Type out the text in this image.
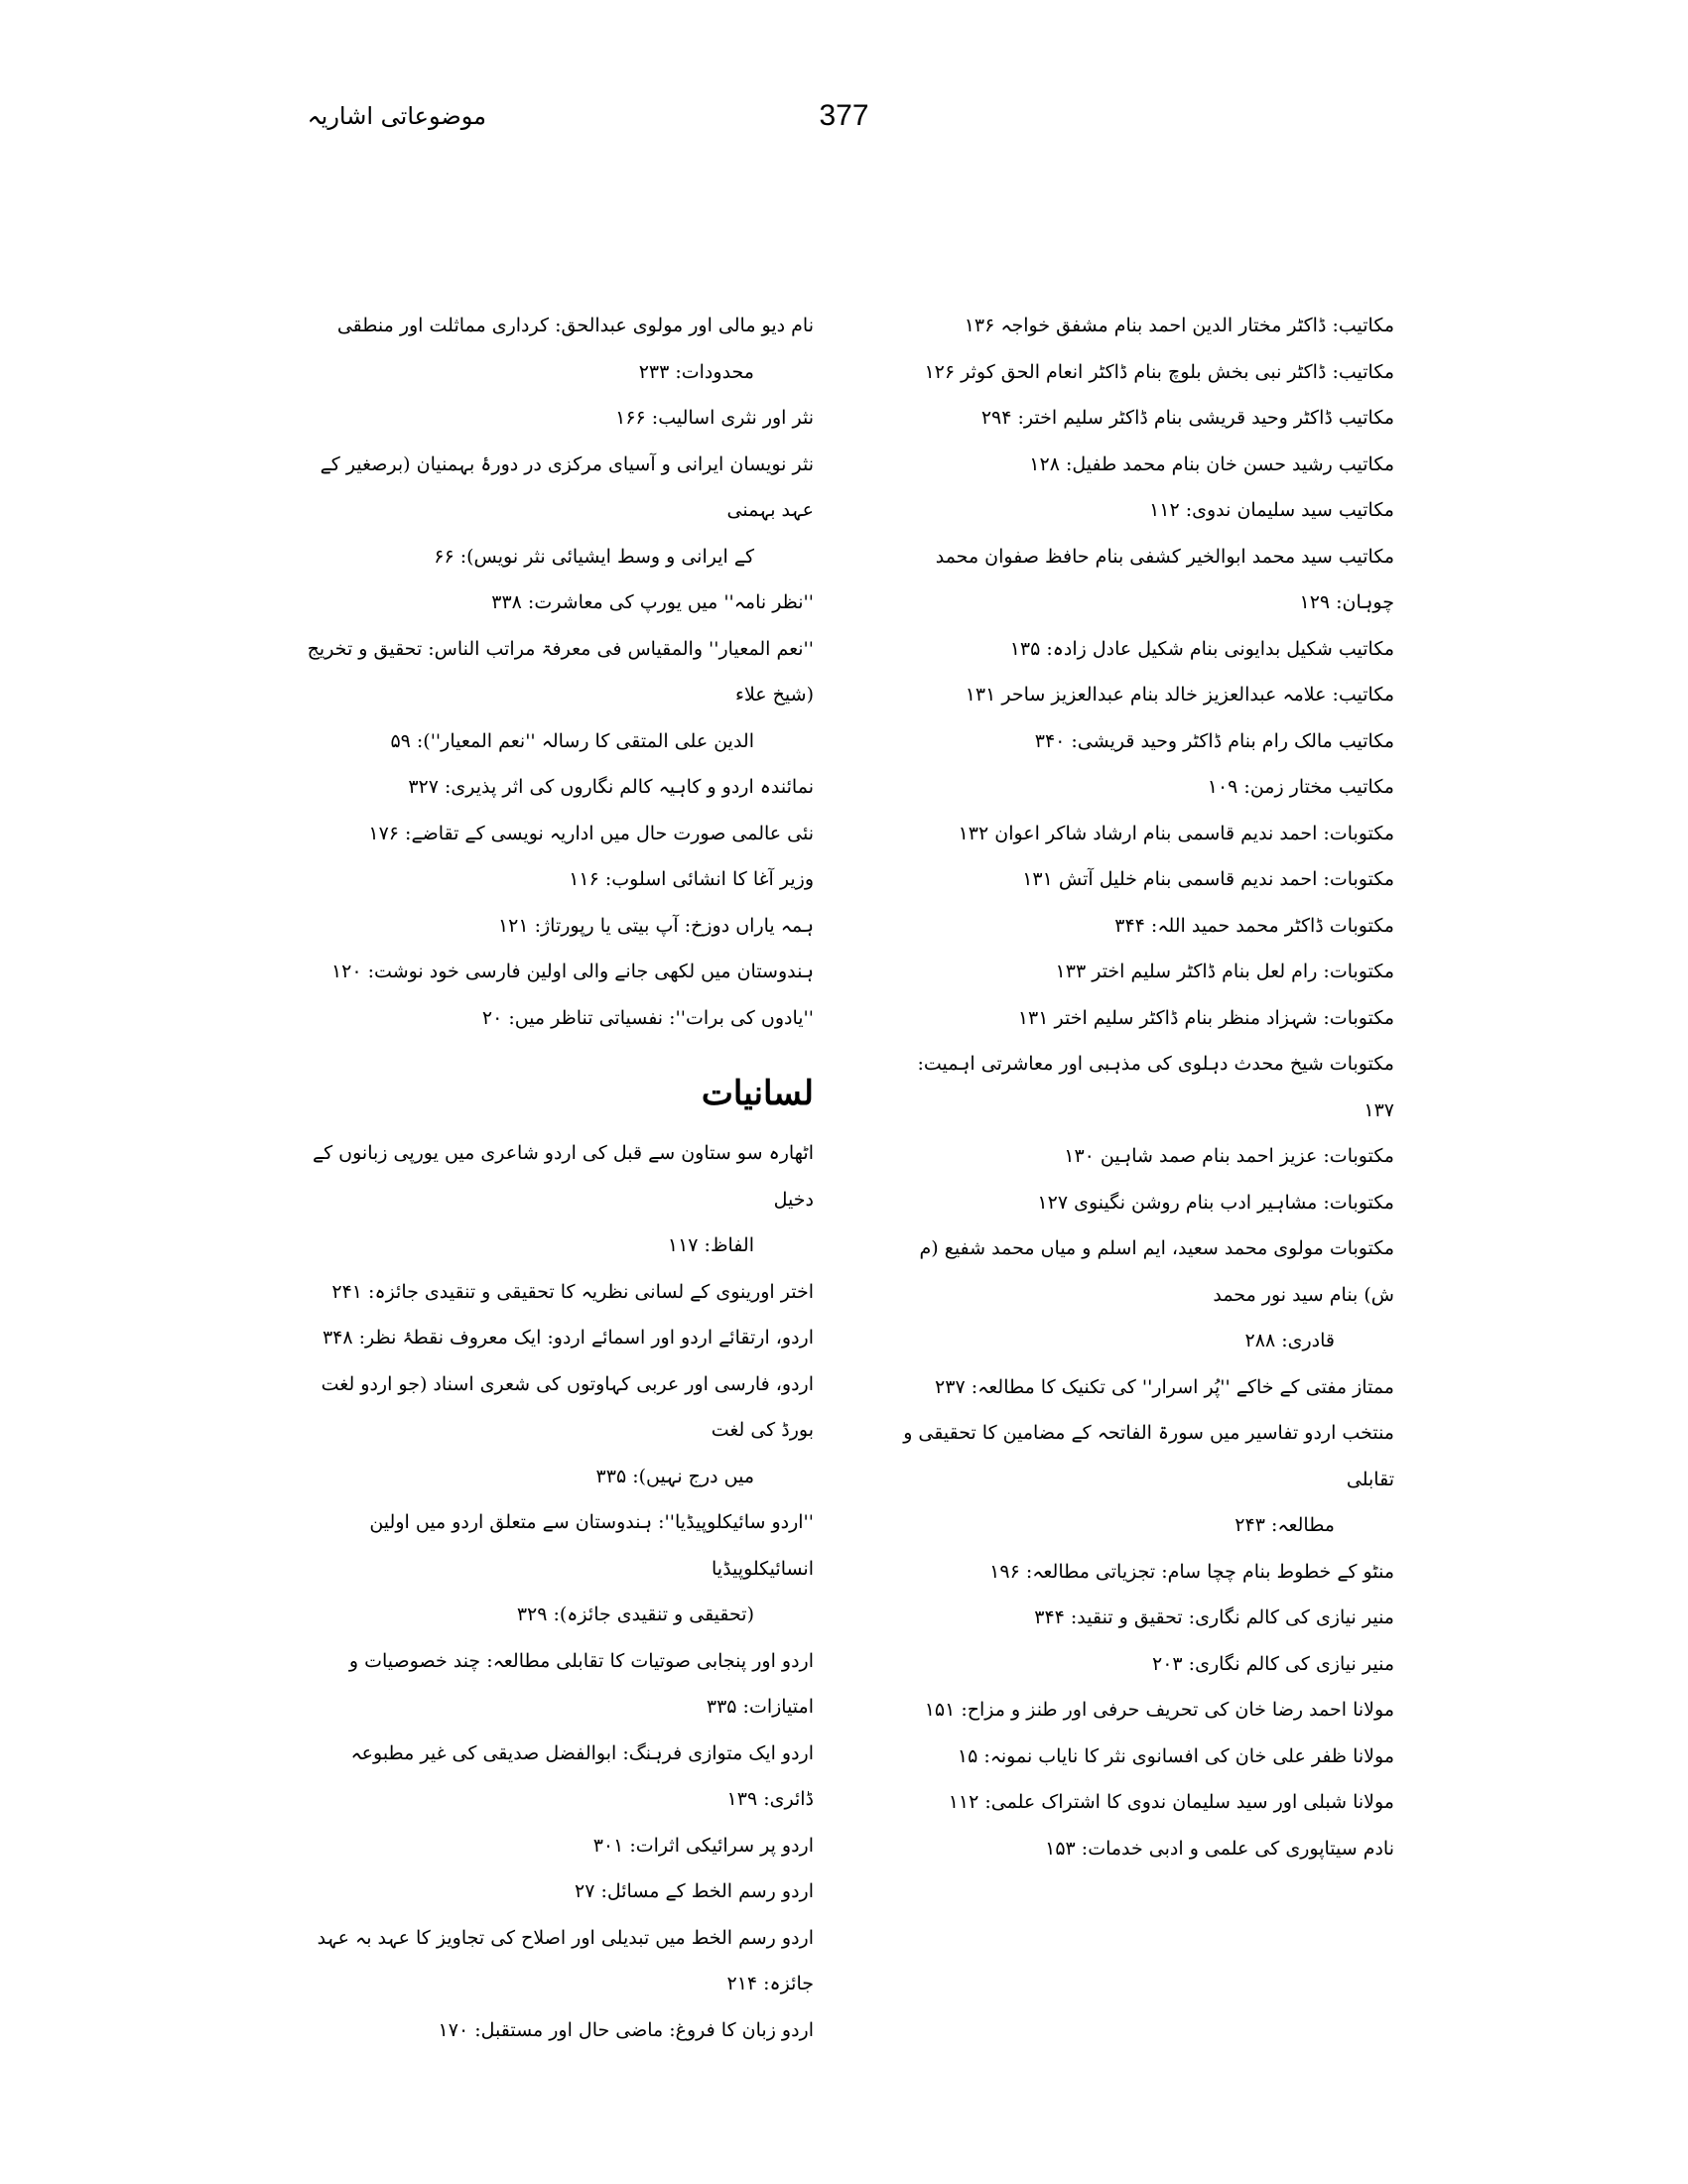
377
موضوعاتی اشاریہ
مکاتیب: ڈاکٹر مختار الدین احمد بنام مشفق خواجہ ۱۳۶
مکاتیب: ڈاکٹر نبی بخش بلوچ بنام ڈاکٹر انعام الحق کوثر ۱۲۶
مکاتیب ڈاکٹر وحید قریشی بنام ڈاکٹر سلیم اختر: ۲۹۴
مکاتیب رشید حسن خان بنام محمد طفیل: ۱۲۸
مکاتیب سید سلیمان ندوی: ۱۱۲
مکاتیب سید محمد ابوالخیر کشفی بنام حافظ صفوان محمد چوہان: ۱۲۹
مکاتیب شکیل بدایونی بنام شکیل عادل زادہ: ۱۳۵
مکاتیب: علامہ عبدالعزیز خالد بنام عبدالعزیز ساحر ۱۳۱
مکاتیب مالک رام بنام ڈاکٹر وحید قریشی: ۳۴۰
مکاتیب مختار زمن: ۱۰۹
مکتوبات: احمد ندیم قاسمی بنام ارشاد شاکر اعوان ۱۳۲
مکتوبات: احمد ندیم قاسمی بنام خلیل آتش ۱۳۱
مکتوبات ڈاکٹر محمد حمید اللہ: ۳۴۴
مکتوبات: رام لعل بنام ڈاکٹر سلیم اختر ۱۳۳
مکتوبات: شہزاد منظر بنام ڈاکٹر سلیم اختر ۱۳۱
مکتوبات شیخ محدث دہلوی کی مذہبی اور معاشرتی اہمیت: ۱۳۷
مکتوبات: عزیز احمد بنام صمد شاہین ۱۳۰
مکتوبات: مشاہیر ادب بنام روشن نگینوی ۱۲۷
مکتوبات مولوی محمد سعید، ایم اسلم و میاں محمد شفیع (م ش) بنام سید نور محمد
قادری: ۲۸۸
ممتاز مفتی کے خاکے ''پُر اسرار'' کی تکنیک کا مطالعہ: ۲۳۷
منتخب اردو تفاسیر میں سورۃ الفاتحہ کے مضامین کا تحقیقی و تقابلی
مطالعہ: ۲۴۳
منٹو کے خطوط بنام چچا سام: تجزیاتی مطالعہ: ۱۹۶
منیر نیازی کی کالم نگاری: تحقیق و تنقید: ۳۴۴
منیر نیازی کی کالم نگاری: ۲۰۳
مولانا احمد رضا خان کی تحریف حرفی اور طنز و مزاح: ۱۵۱
مولانا ظفر علی خان کی افسانوی نثر کا نایاب نمونہ: ۱۵
مولانا شبلی اور سید سلیمان ندوی کا اشتراک علمی: ۱۱۲
نادم سیتاپوری کی علمی و ادبی خدمات: ۱۵۳
نام دیو مالی اور مولوی عبدالحق: کرداری مماثلت اور منطقی
محدودات: ۲۳۳
نثر اور نثری اسالیب: ۱۶۶
نثر نویسان ایرانی و آسیای مرکزی در دورۂ بہمنیان (برصغیر کے عہد بہمنی
کے ایرانی و وسط ایشیائی نثر نویس): ۶۶
''نظر نامہ'' میں یورپ کی معاشرت: ۳۳۸
''نعم المعیار'' والمقیاس فی معرفۃ مراتب الناس: تحقیق و تخریج (شیخ علاء
الدین علی المتقی کا رسالہ ''نعم المعیار''): ۵۹
نمائندہ اردو و کاہیہ کالم نگاروں کی اثر پذیری: ۳۲۷
نئی عالمی صورت حال میں اداریہ نویسی کے تقاضے: ۱۷۶
وزیر آغا کا انشائی اسلوب: ۱۱۶
ہمہ یاراں دوزخ: آپ بیتی یا رپورتاژ: ۱۲۱
ہندوستان میں لکھی جانے والی اولین فارسی خود نوشت: ۱۲۰
''یادوں کی برات'': نفسیاتی تناظر میں: ۲۰
لسانیات
اٹھارہ سو ستاون سے قبل کی اردو شاعری میں یورپی زبانوں کے دخیل
الفاظ: ۱۱۷
اختر اورینوی کے لسانی نظریہ کا تحقیقی و تنقیدی جائزہ: ۲۴۱
اردو، ارتقائے اردو اور اسمائے اردو: ایک معروف نقطۂ نظر: ۳۴۸
اردو، فارسی اور عربی کہاوتوں کی شعری اسناد (جو اردو لغت بورڈ کی لغت
میں درج نہیں): ۳۳۵
''اردو سائیکلوپیڈیا'': ہندوستان سے متعلق اردو میں اولین انسائیکلوپیڈیا
(تحقیقی و تنقیدی جائزہ): ۳۲۹
اردو اور پنجابی صوتیات کا تقابلی مطالعہ: چند خصوصیات و امتیازات: ۳۳۵
اردو ایک متوازی فرہنگ: ابوالفضل صدیقی کی غیر مطبوعہ ڈائری: ۱۳۹
اردو پر سرائیکی اثرات: ۳۰۱
اردو رسم الخط کے مسائل: ۲۷
اردو رسم الخط میں تبدیلی اور اصلاح کی تجاویز کا عہد بہ عہد جائزہ: ۲۱۴
اردو زبان کا فروغ: ماضی حال اور مستقبل: ۱۷۰
